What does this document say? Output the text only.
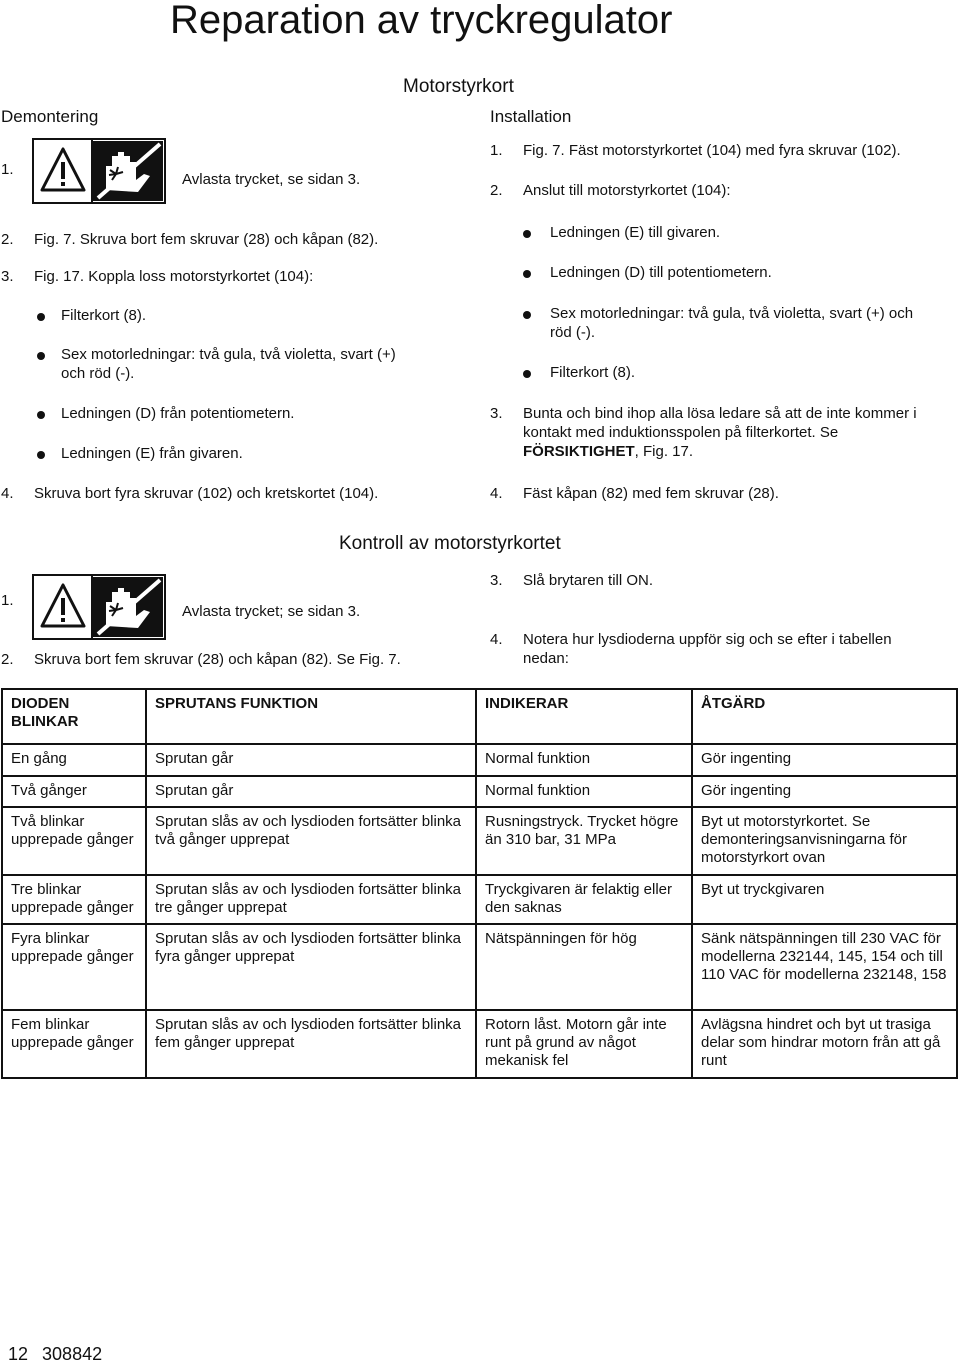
Reparation av tryckregulator
Motorstyrkort
Demontering
1.
Avlasta trycket, se sidan 3.
2. Fig. 7. Skruva bort fem skruvar (28) och kåpan (82).
3. Fig. 17. Koppla loss motorstyrkortet (104):
Filterkort (8).
Sex motorledningar: två gula, två violetta, svart (+) och röd (-).
Ledningen (D) från potentiometern.
Ledningen (E) från givaren.
4. Skruva bort fyra skruvar (102) och kretskortet (104).
Installation
1. Fig. 7. Fäst motorstyrkortet (104) med fyra skruvar (102).
2. Anslut till motorstyrkortet (104):
Ledningen (E) till givaren.
Ledningen (D) till potentiometern.
Sex motorledningar: två gula, två violetta, svart (+) och röd (-).
Filterkort (8).
3. Bunta och bind ihop alla lösa ledare så att de inte kommer i kontakt med induktionsspolen på filterkortet. Se FÖRSIKTIGHET, Fig. 17.
4. Fäst kåpan (82) med fem skruvar (28).
Kontroll av motorstyrkortet
1.
Avlasta trycket; se sidan 3.
2. Skruva bort fem skruvar (28) och kåpan (82). Se Fig. 7.
3. Slå brytaren till ON.
4. Notera hur lysdioderna uppför sig och se efter i tabellen nedan:
DIODEN BLINKAR	SPRUTANS FUNKTION	INDIKERAR	ÅTGÄRD
En gång	Sprutan går	Normal funktion	Gör ingenting
Två gånger	Sprutan går	Normal funktion	Gör ingenting
Två blinkar upprepade gånger	Sprutan slås av och lysdioden fortsätter blinka två gånger upprepat	Rusningstryck. Trycket högre än 310 bar, 31 MPa	Byt ut motorstyrkortet. Se demonteringsanvisningarna för motorstyrkort ovan
Tre blinkar upprepade gånger	Sprutan slås av och lysdioden fortsätter blinka tre gånger upprepat	Tryckgivaren är felaktig eller den saknas	Byt ut tryckgivaren
Fyra blinkar upprepade gånger	Sprutan slås av och lysdioden fortsätter blinka fyra gånger upprepat	Nätspänningen för hög	Sänk nätspänningen till 230 VAC för modellerna 232144, 145, 154 och till 110 VAC för modellerna 232148, 158
Fem blinkar upprepade gånger	Sprutan slås av och lysdioden fortsätter blinka fem gånger upprepat	Rotorn låst. Motorn går inte runt på grund av något mekanisk fel	Avlägsna hindret och byt ut trasiga delar som hindrar motorn från att gå runt
12 308842
